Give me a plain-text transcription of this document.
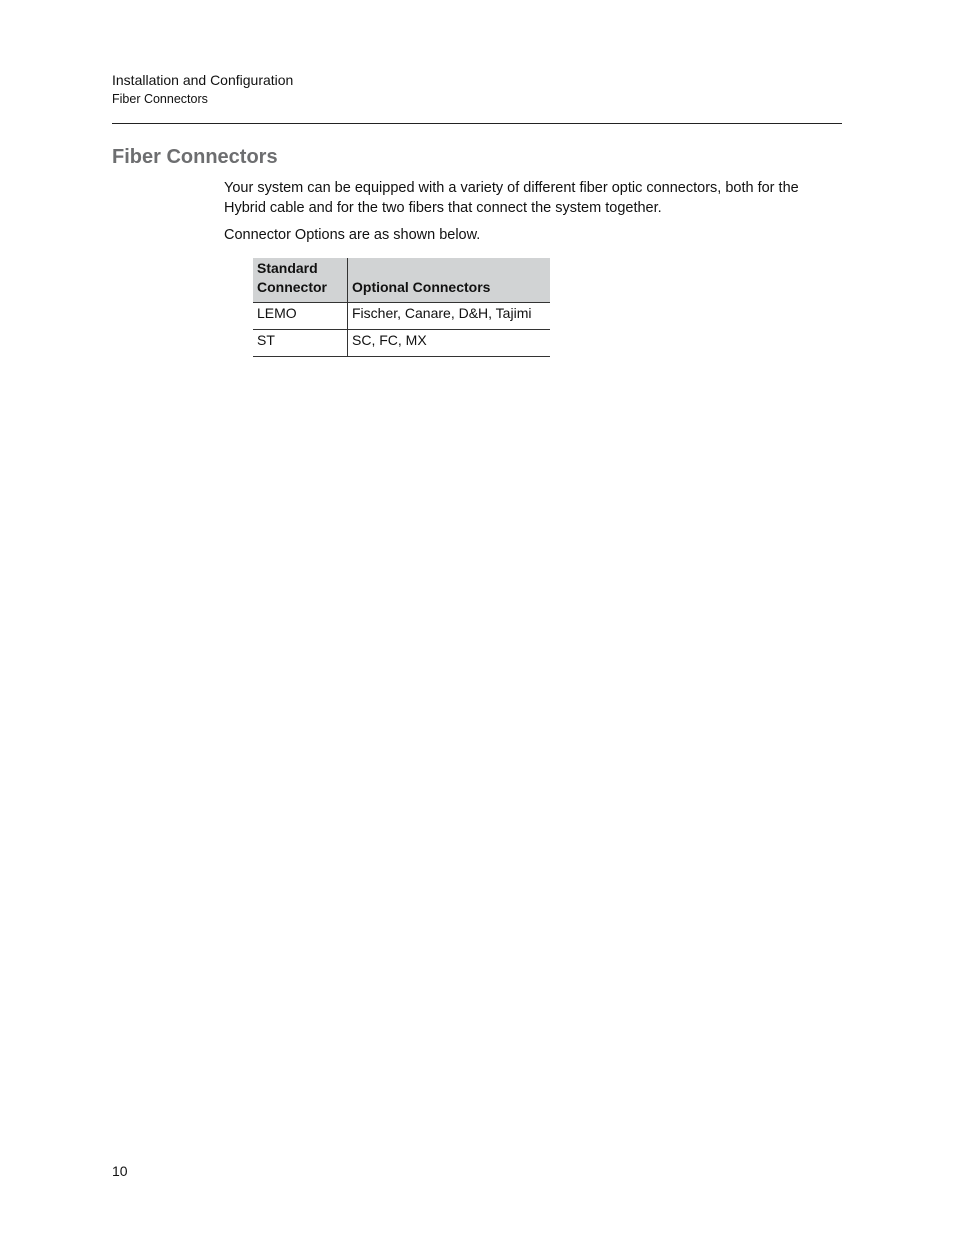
Installation and Configuration
Fiber Connectors
Fiber Connectors

Your system can be equipped with a variety of different fiber optic connectors, both for the Hybrid cable and for the two fibers that connect the system together.

Connector Options are as shown below.

Standard Connector	Optional Connectors
LEMO	Fischer, Canare, D&H, Tajimi
ST	SC, FC, MX
10
